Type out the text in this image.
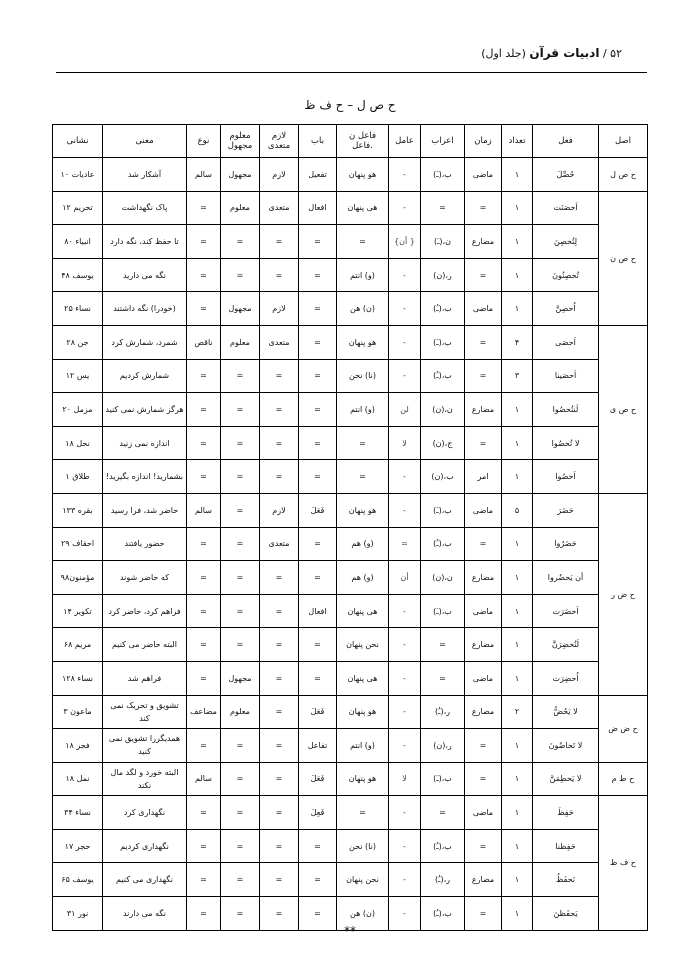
۵۲ / ادبیات قرآن (جلد اول)
ح ص ل – ح ف ظ
اصل	فعل	تعداد	زمان	اعراب	عامل	فاعل ن .فاعل	باب	لازم متعدی	معلوم مجهول	نوع	معنی	نشانی
ح ص ل	حُصِّلَ	١	ماضی	ب،(ـَ)	-	هو پنهان	تفعیل	لازم	مجهول	سالم	آشکار شد	عادیات ١٠
ح ص ن	اَحصَنَت	١	=	=	-	هی پنهان	افعال	متعدی	معلوم	=	پاک نگهداشت	تحریم ١٢
	لِتُحصِنَ	١	مضارع	ن،(ـَ)	{ أن}	=	=	=	=	=	تا حفظ کند، نگه دارد	انبیاء ٨٠
	تُحصِنُونَ	١	=	ر،(ن)	-	(و) انتم	=	=	=	=	نگه می دارید	یوسف ۴٨
	اُحصِنَّ	١	ماضی	ب،(ـُ)	-	(ن) هن	=	لازم	مجهول	=	(خودرا) نگه داشتند	نساء ٢۵
ح ص ی	اَحصَی	۴	=	ب،(ـَ)	-	هو پنهان	=	متعدی	معلوم	ناقص	شمرد، شمارش کرد	جن ٢٨
	اَحصَینا	٣	=	ب،(ـُ)	-	(نا) نحن	=	=	=	=	شمارش کردیم	یس ١٢
	لَنتُحصُوا	١	مضارع	ن،(ن)	لن	(و) انتم	=	=	=	=	هرگز شمارش نمی کنید	مزمل ٢٠
	لا تُحصُوا	١	=	ج،(ن)	لا	=	=	=	=	=	اندازه نمی زنید	نحل ١٨
	اَحصُوا	١	امر	ب،(ن)	-	=	=	=	=	=	بشمارید! اندازه بگیرید!	طلاق ١
ح ض ر	حَضَرَ	۵	ماضی	ب،(ـَ)	-	هو پنهان	فَعَلَ	لازم	=	سالم	حاضر شد، فرا رسید	بقره ١٣٣
	حَضَرُوا	١	=	ب،(ـُ)	=	(و) هم	=	متعدی	=	=	حضور یافتند	احقاف ٢٩
	أن يَحضُروا	١	مضارع	ن،(ن)	أن	(و) هم	=	=	=	=	که حاضر شوند	مؤمنون٩٨
	اَحضَرَت	١	ماضی	ب،(ـَ)	-	هی پنهان	افعال	=	=	=	فراهم کرد، حاضر کرد	تکویر ١۴
	لَنُحضِرَنَّ	١	مضارع	=	-	نحن پنهان	=	=	=	=	البته حاضر می کنیم	مریم ۶٨
	اُحضِرَت	١	ماضی	=	-	هی پنهان	=	=	مجهول	=	فراهم شد	نساء ١٢٨
ح ض ض	لا يَحُضُّ	٢	مضارع	ر،(ـُ)	-	هو پنهان	فَعَلَ	=	معلوم	مضاعف	تشویق و تحریک نمی کند	ماعون ٣
	لا تَحاضُونَ	١	=	ر،(ن)	-	(و) انتم	تفاعل	=	=	=	همدیگررا تشویق نمی کنید	فجر ١٨
ح ط م	لا يَحطِمَنَّ	١	=	ب،(ـَ)	لا	هو پنهان	فَعَلَ	=	=	سالم	البته خورد و لگد مال نکند	نمل ١٨
ح ف ظ	حَفِظَ	١	ماضی	=	-	=	فَعِلَ	=	=	=	نگهداری کرد	نساء ٣۴
	حَفِظنا	١	=	ب،(ـُ)	-	(نا) نحن	=	=	=	=	نگهداری کردیم	حجر ١٧
	نَحفَظُ	١	مضارع	ر،(ـُ)	-	نحن پنهان	=	=	=	=	نگهداری می کنیم	یوسف ۶۵
	يَحفَظنَ	١	=	ب،(ـُ)	-	(ن) هن	=	=	=	=	نگه می دارند	نور ٣١
**
